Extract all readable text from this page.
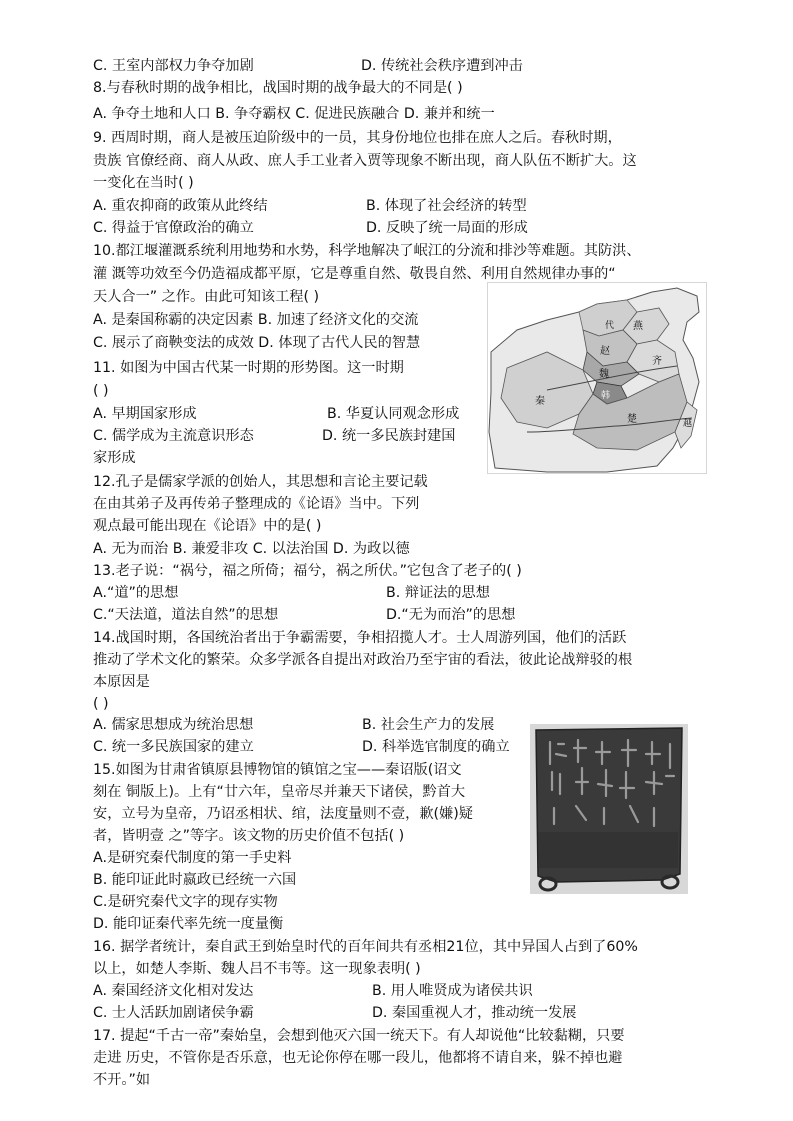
C. 王室内部权力争夺加剧	D. 传统社会秩序遭到冲击
8.与春秋时期的战争相比，战国时期的战争最大的不同是( )
A. 争夺土地和人口 B. 争夺霸权 C. 促进民族融合 D. 兼并和统一
9. 西周时期，商人是被压迫阶级中的一员，其身份地位也排在庶人之后。春秋时期，
贵族 官僚经商、商人从政、庶人手工业者入贾等现象不断出现，商人队伍不断扩大。这
一变化在当时( )
A. 重农抑商的政策从此终结	B. 体现了社会经济的转型
C. 得益于官僚政治的确立	D. 反映了统一局面的形成
10.都江堰灌溉系统利用地势和水势，科学地解决了岷江的分流和排沙等难题。其防洪、
灌 溉等功效至今仍造福成都平原，它是尊重自然、敬畏自然、利用自然规律办事的“
天人合一” 之作。由此可知该工程( )
A. 是秦国称霸的决定因素 B. 加速了经济文化的交流
C. 展示了商鞅变法的成效 D. 体现了古代人民的智慧
11. 如图为中国古代某一时期的形势图。这一时期
( )
A. 早期国家形成	B. 华夏认同观念形成
C. 儒学成为主流意识形态	D. 统一多民族封建国
家形成
12.孔子是儒家学派的创始人，其思想和言论主要记载
在由其弟子及再传弟子整理成的《论语》当中。下列
观点最可能出现在《论语》中的是( )
A. 无为而治 B. 兼爱非攻 C. 以法治国 D. 为政以德
13.老子说：“祸兮，福之所倚；福兮，祸之所伏。”它包含了老子的( )
A.“道”的思想	B. 辩证法的思想
C.“天法道，道法自然”的思想	D.“无为而治”的思想
14.战国时期，各国统治者出于争霸需要，争相招揽人才。士人周游列国，他们的活跃
推动了学术文化的繁荣。众多学派各自提出对政治乃至宇宙的看法，彼此论战辩驳的根
本原因是
( )
A. 儒家思想成为统治思想	B. 社会生产力的发展
C. 统一多民族国家的建立	D. 科举选官制度的确立
15.如图为甘肃省镇原县博物馆的镇馆之宝——秦诏版(诏文
刻在 铜版上)。上有“廿六年，皇帝尽并兼天下诸侯，黔首大
安，立号为皇帝，乃诏丞相状、绾，法度量则不壹，歉(嫌)疑
者，皆明壹 之”等字。该文物的历史价值不包括( )
A.是研究秦代制度的第一手史料
B. 能印证此时嬴政已经统一六国
C.是研究秦代文字的现存实物
D. 能印证秦代率先统一度量衡
16. 据学者统计，秦自武王到始皇时代的百年间共有丞相21位，其中异国人占到了60%
以上，如楚人李斯、魏人吕不韦等。这一现象表明( )
A. 秦国经济文化相对发达	B. 用人唯贤成为诸侯共识
C. 士人活跃加剧诸侯争霸	D. 秦国重视人才，推动统一发展
17. 提起“千古一帝”秦始皇，会想到他灭六国一统天下。有人却说他“比较黏糊，只要
走进 历史，不管你是否乐意，也无论你停在哪一段儿，他都将不请自来，躲不掉也避
不开。”如
燕
赵
齐
魏
韩
秦
楚
代
越
